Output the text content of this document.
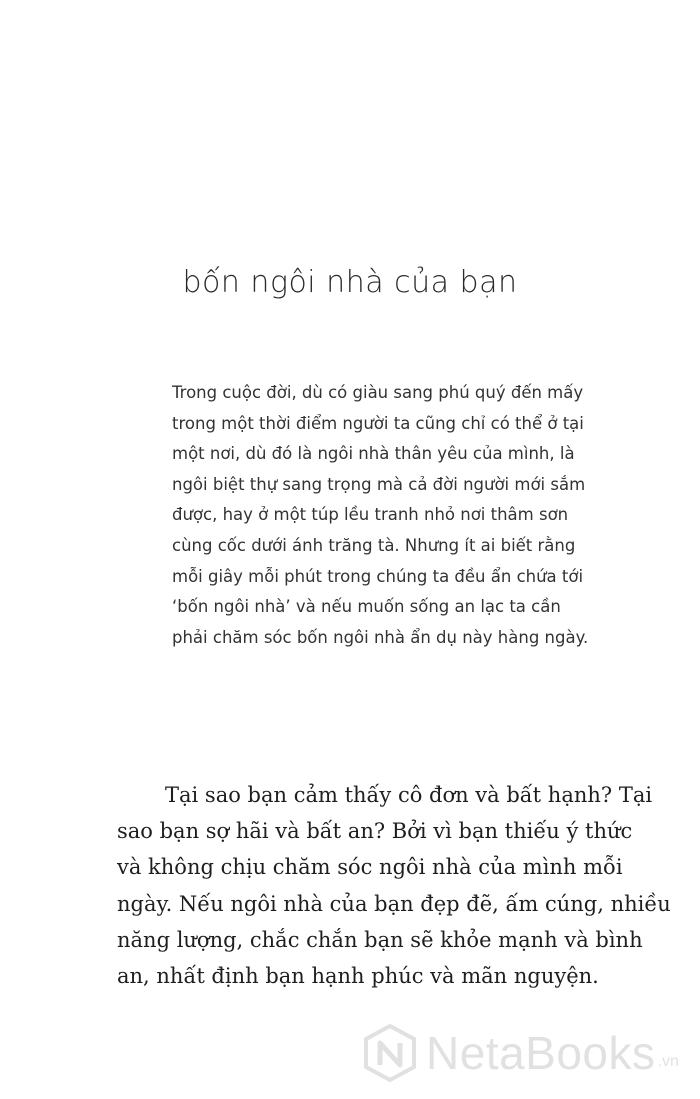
bốn ngôi nhà của bạn
Trong cuộc đời, dù có giàu sang phú quý đến mấy
trong một thời điểm người ta cũng chỉ có thể ở tại
một nơi, dù đó là ngôi nhà thân yêu của mình, là
ngôi biệt thự sang trọng mà cả đời người mới sắm
được, hay ở một túp lều tranh nhỏ nơi thâm sơn
cùng cốc dưới ánh trăng tà. Nhưng ít ai biết rằng
mỗi giây mỗi phút trong chúng ta đều ẩn chứa tới
‘bốn ngôi nhà’ và nếu muốn sống an lạc ta cần
phải chăm sóc bốn ngôi nhà ẩn dụ này hàng ngày.
Tại sao bạn cảm thấy cô đơn và bất hạnh? Tại
sao bạn sợ hãi và bất an? Bởi vì bạn thiếu ý thức
và không chịu chăm sóc ngôi nhà của mình mỗi
ngày. Nếu ngôi nhà của bạn đẹp đẽ, ấm cúng, nhiều
năng lượng, chắc chắn bạn sẽ khỏe mạnh và bình
an, nhất định bạn hạnh phúc và mãn nguyện.
NetaBooks .vn
